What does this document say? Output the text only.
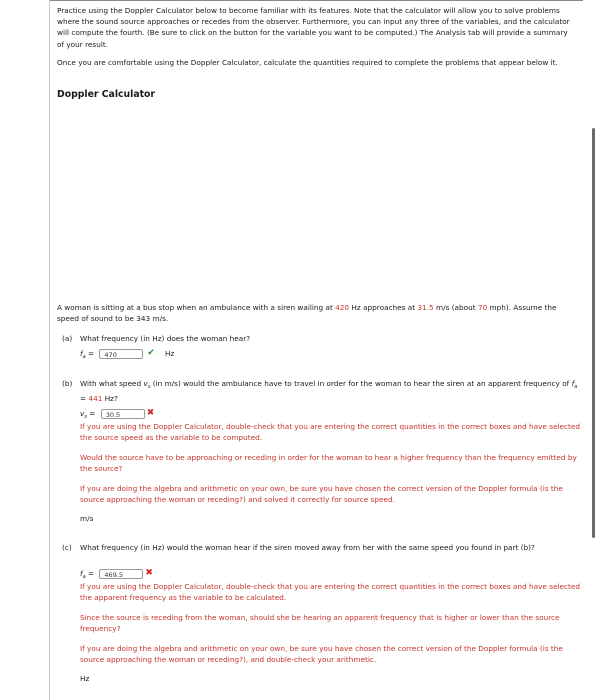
Practice using the Doppler Calculator below to become familiar with its features. Note that the calculator will allow you to solve problems where the sound source approaches or recedes from the observer. Furthermore, you can input any three of the variables, and the calculator will compute the fourth. (Be sure to click on the button for the variable you want to be computed.) The Analysis tab will provide a summary of your result.

Once you are comfortable using the Doppler Calculator, calculate the quantities required to complete the problems that appear below it.

Doppler Calculator

A woman is sitting at a bus stop when an ambulance with a siren wailing at 420 Hz approaches at 31.5 m/s (about 70 mph). Assume the speed of sound to be 343 m/s.

(a) What frequency (in Hz) does the woman hear?
$f_a = 470$	✔ Hz
(b) With what speed $v_s$ (in m/s) would the ambulance have to travel in order for the woman to hear the siren at an apparent frequency of $f_a = 441$ Hz?
$v_s = 30.5$	✖
If you are using the Doppler Calculator, double-check that you are entering the correct quantities in the correct boxes and have selected the source speed as the variable to be computed.
Would the source have to be approaching or receding in order for the woman to hear a higher frequency than the frequency emitted by the source?
If you are doing the algebra and arithmetic on your own, be sure you have chosen the correct version of the Doppler formula (is the source approaching the woman or receding?) and solved it correctly for source speed.
m/s
(c) What frequency (in Hz) would the woman hear if the siren moved away from her with the same speed you found in part (b)?
$f_a = 469.5$ ✖
If you are using the Doppler Calculator, double-check that you are entering the correct quantities in the correct boxes and have selected the apparent frequency as the variable to be calculated.
Since the source is receding from the woman, should she be hearing an apparent frequency that is higher or lower than the source frequency?
If you are doing the algebra and arithmetic on your own, be sure you have chosen the correct version of the Doppler formula (is the source approaching the woman or receding?), and double-check your arithmetic.
Hz
